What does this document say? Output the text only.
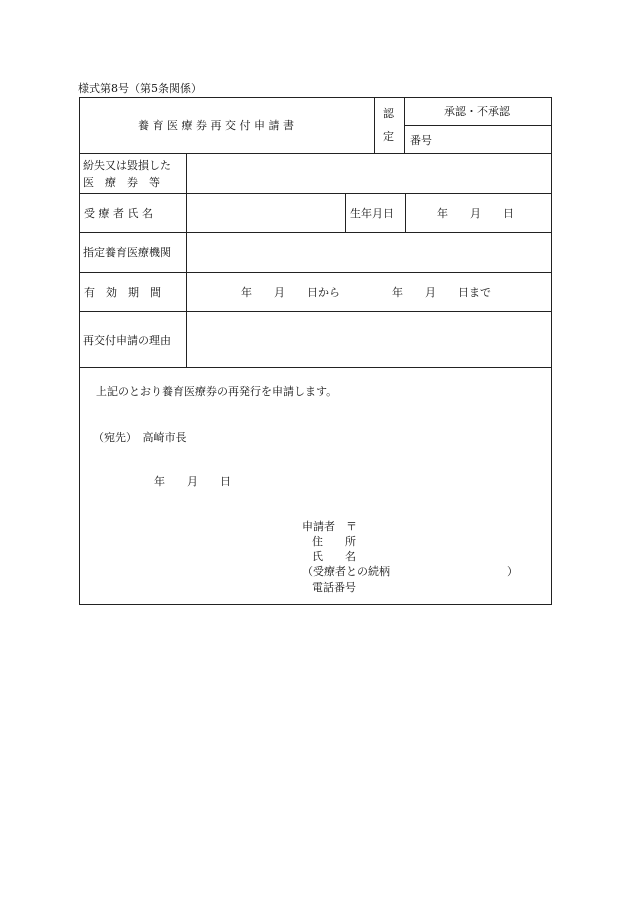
様式第8号（第5条関係）
養 育 医 療 券 再 交 付 申 請 書
認
定
承認・不承認
番号
紛失又は毀損した
医　療　券　等
受 療 者 氏 名	生年月日	年　　月　　日
指定養育医療機関
有　効　期　間	年　　月　　日から	年　　月　　日まで
再交付申請の理由
上記のとおり養育医療券の再発行を申請します。
（宛先）　高崎市長
年　　月　　日
申請者　〒
住　　所
氏　　名
（受療者との続柄	）
電話番号
